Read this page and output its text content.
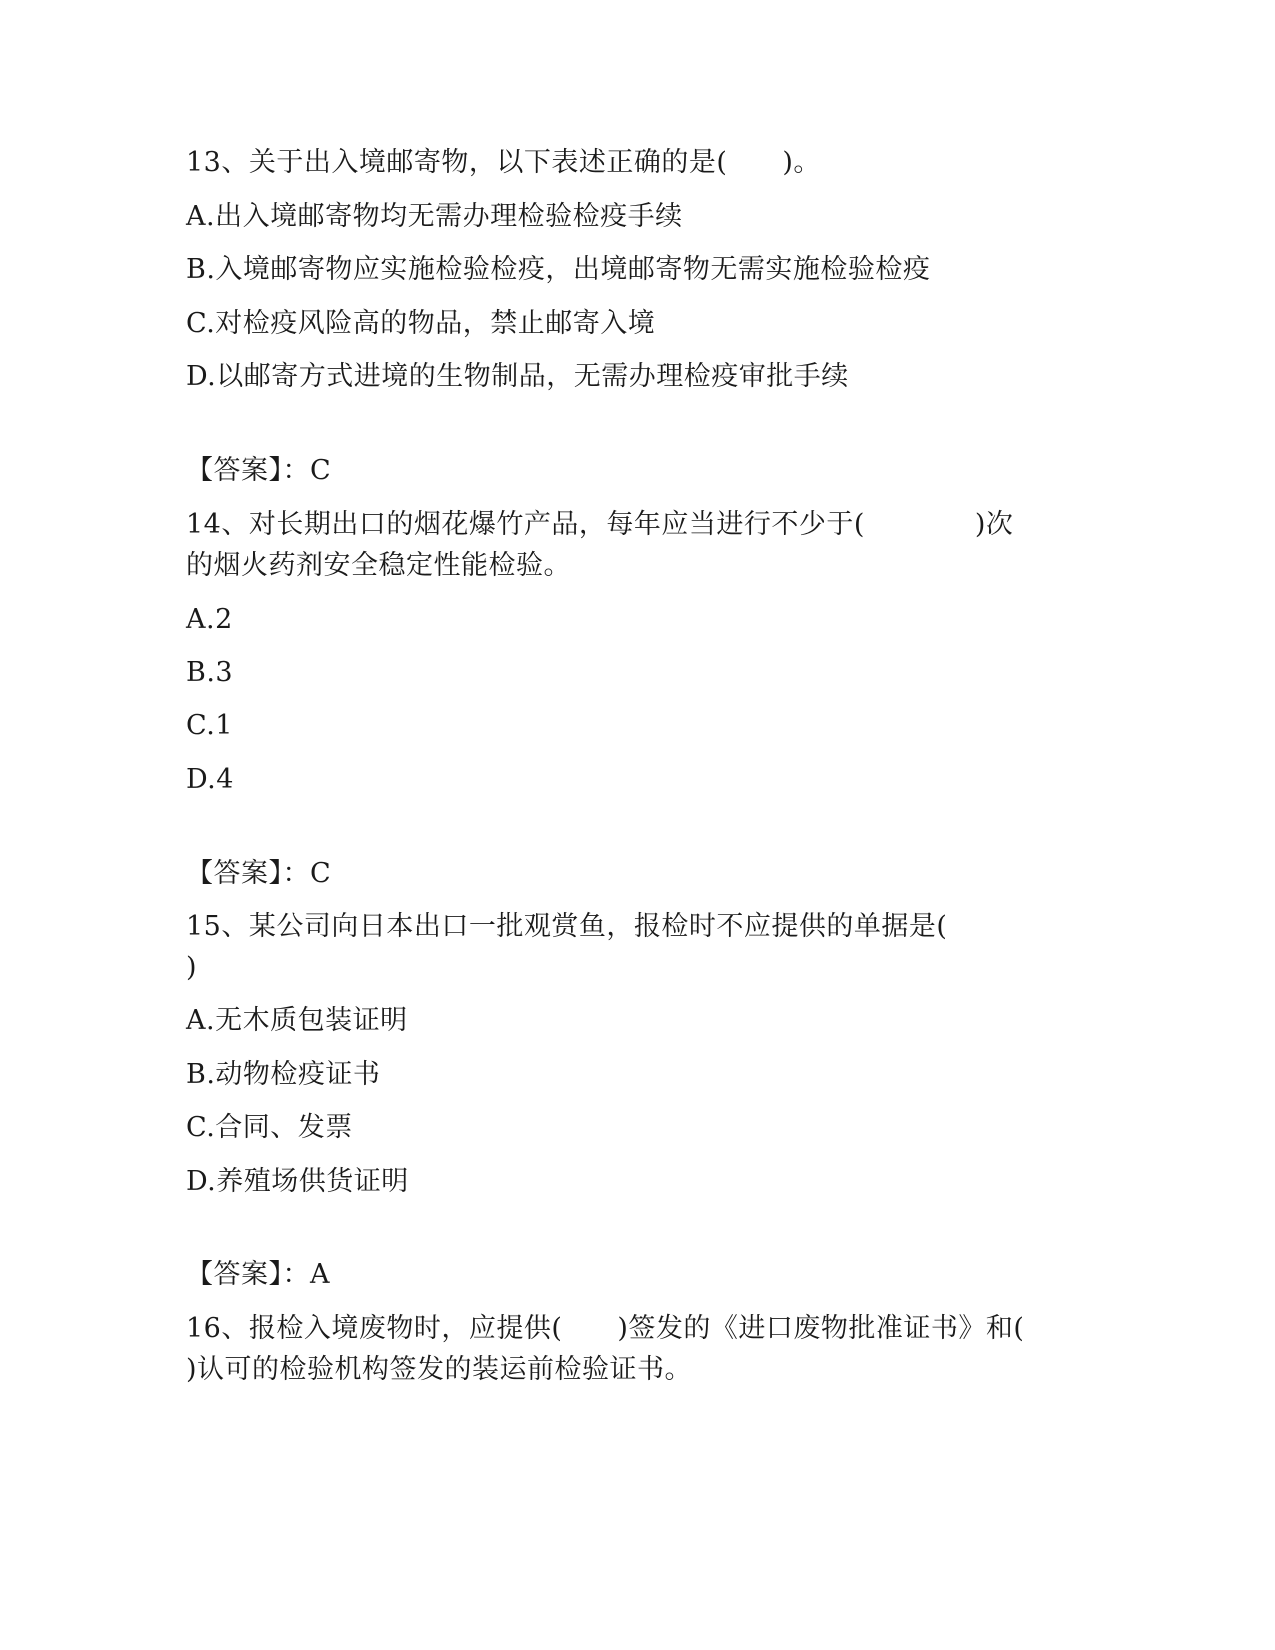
13、关于出入境邮寄物，以下表述正确的是(　　)。
A.出入境邮寄物均无需办理检验检疫手续
B.入境邮寄物应实施检验检疫，出境邮寄物无需实施检验检疫
C.对检疫风险高的物品，禁止邮寄入境
D.以邮寄方式进境的生物制品，无需办理检疫审批手续
【答案】：C
14、对长期出口的烟花爆竹产品，每年应当进行不少于(　　　　)次
的烟火药剂安全稳定性能检验。
A.2
B.3
C.1
D.4
【答案】：C
15、某公司向日本出口一批观赏鱼，报检时不应提供的单据是(
)
A.无木质包装证明
B.动物检疫证书
C.合同、发票
D.养殖场供货证明
【答案】：A
16、报检入境废物时，应提供(　　)签发的《进口废物批准证书》和(
)认可的检验机构签发的装运前检验证书。
